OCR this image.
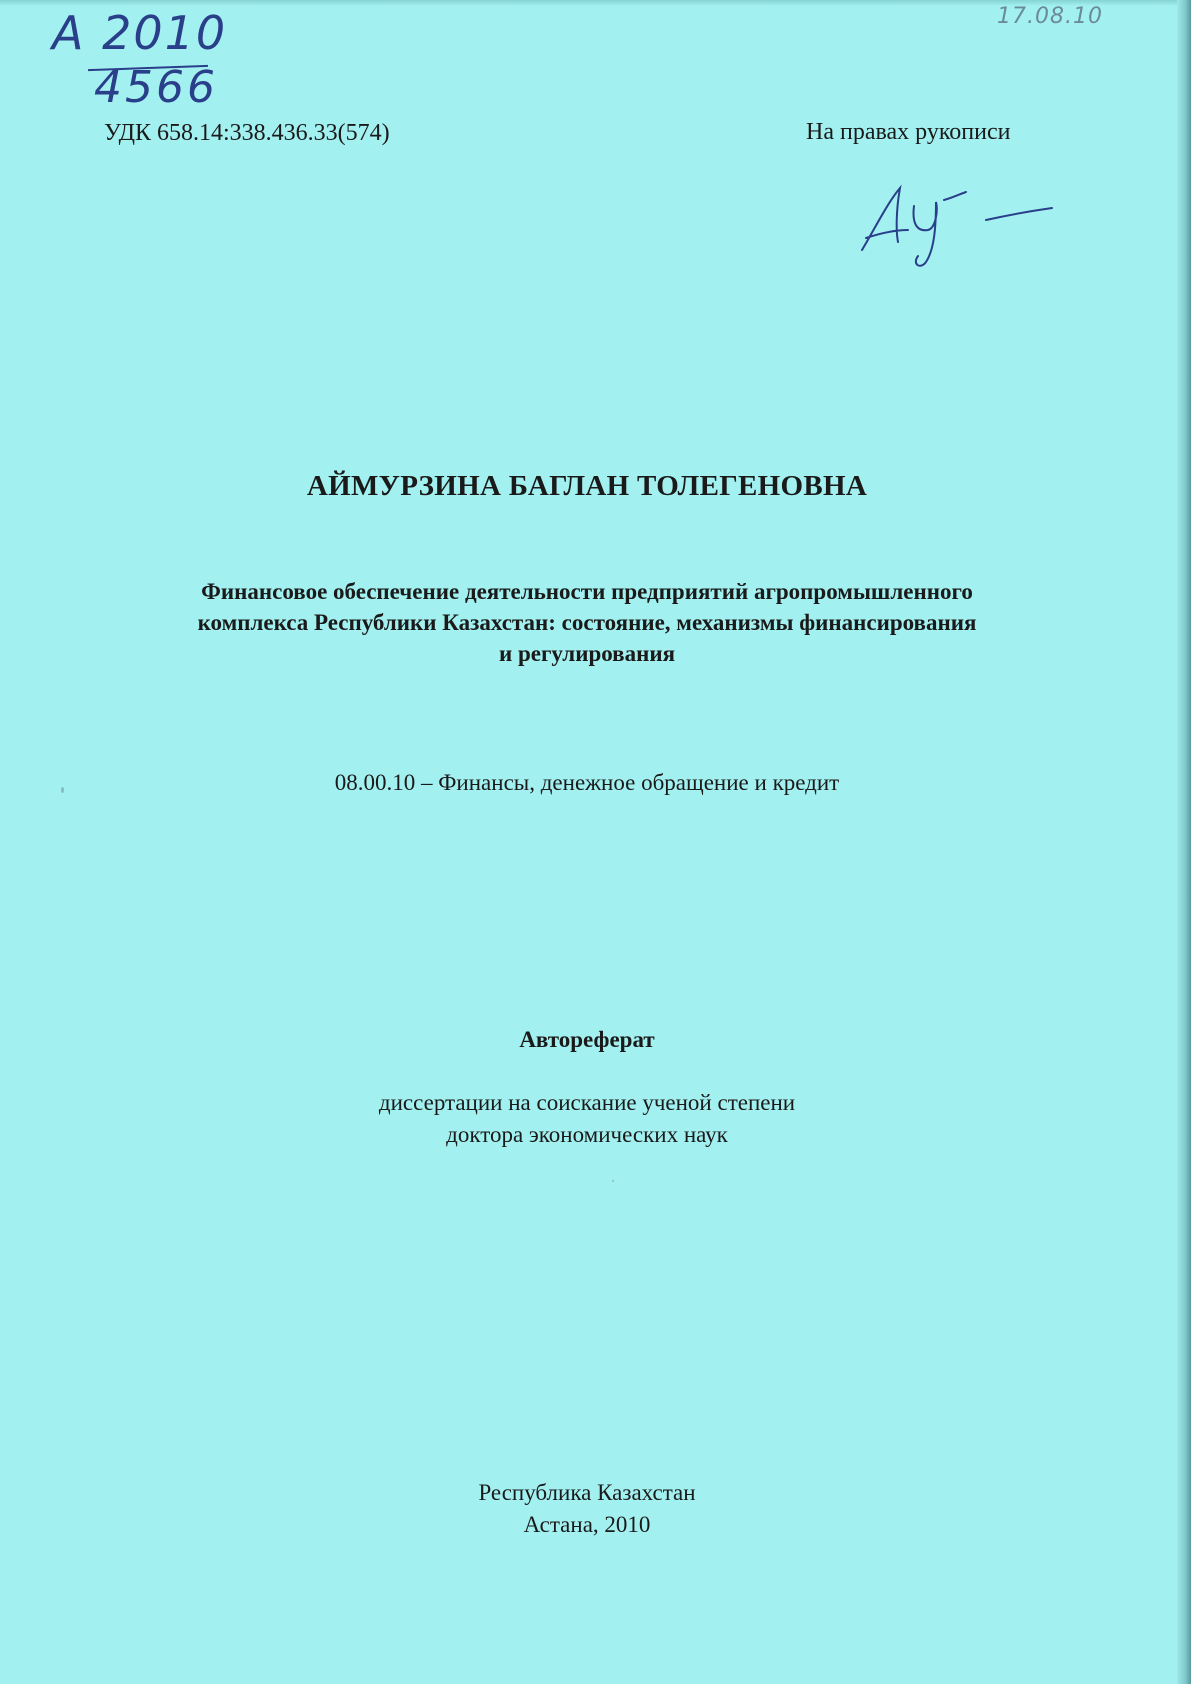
А 2010
4566
17.08.10
УДК 658.14:338.436.33(574)	На правах рукописи
АЙМУРЗИНА БАГЛАН ТОЛЕГЕНОВНА
Финансовое обеспечение деятельности предприятий агропромышленного
комплекса Республики Казахстан: состояние, механизмы финансирования
и регулирования
08.00.10 – Финансы, денежное обращение и кредит
Автореферат
диссертации на соискание ученой степени
доктора экономических наук
Республика Казахстан
Астана, 2010
